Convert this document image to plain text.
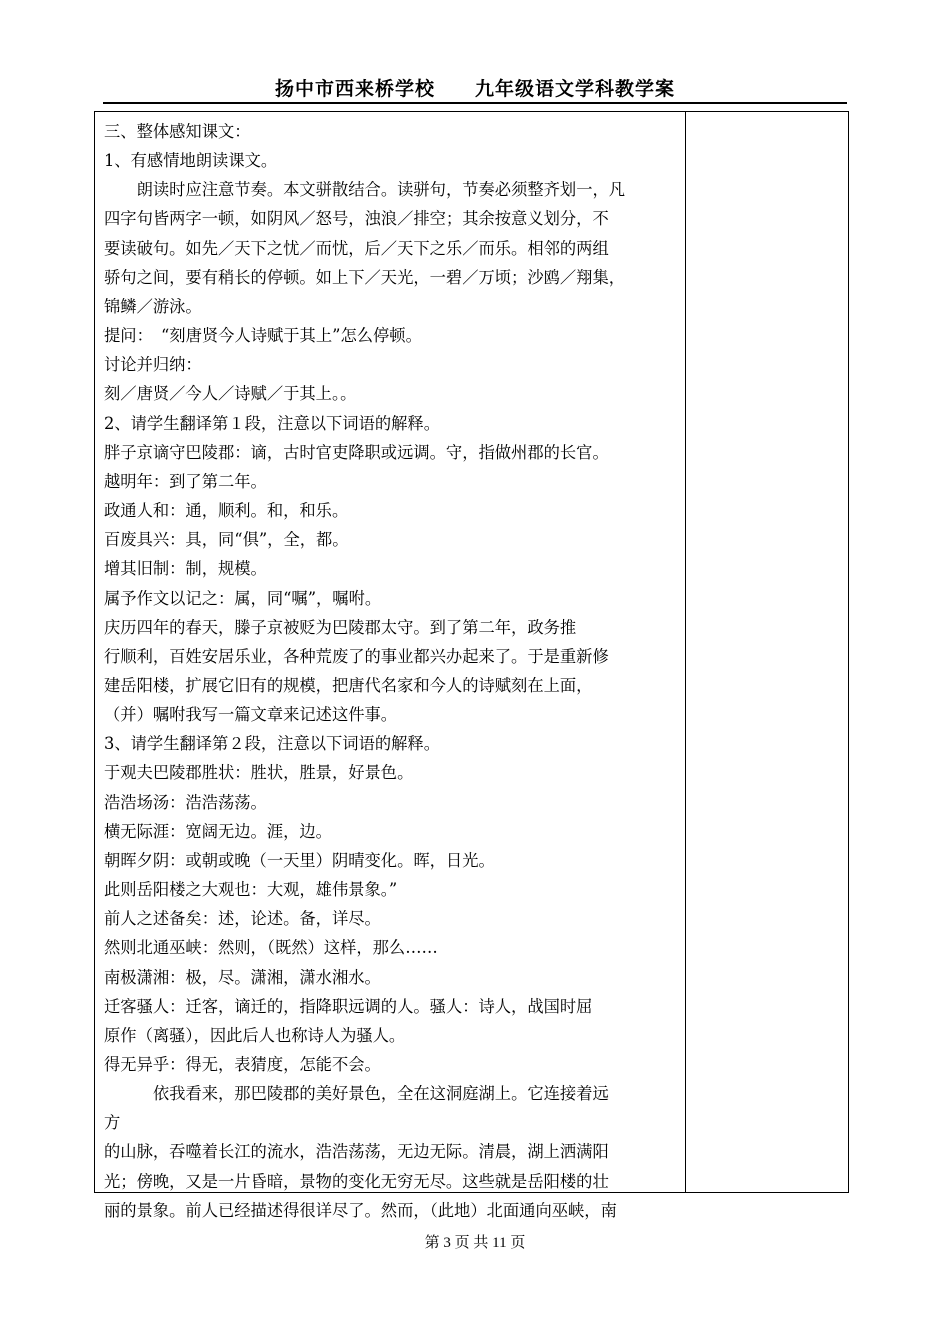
扬中市西来桥学校 九年级语文学科教学案

三、整体感知课文：

1、有感情地朗读课文。

朗读时应注意节奏。本文骈散结合。读骈句，节奏必须整齐划一，凡

四字句皆两字一顿，如阴风／怒号，浊浪／排空；其余按意义划分，不

要读破句。如先／天下之忧／而忧，后／天下之乐／而乐。相邻的两组

骄句之间，要有稍长的停顿。如上下／天光，一碧／万顷；沙鸥／翔集，

锦鳞／游泳。

提问：　“刻唐贤今人诗赋于其上”怎么停顿。

讨论并归纳：

刻／唐贤／今人／诗赋／于其上。。

2、请学生翻译第１段，注意以下词语的解释。

胖子京谪守巴陵郡：谪，古时官吏降职或远调。守，指做州郡的长官。

越明年：到了第二年。

政通人和：通，顺利。和，和乐。

百废具兴：具，同“俱”，全，都。

增其旧制：制，规模。

属予作文以记之：属，同“嘱”，嘱咐。

庆历四年的春天，滕子京被贬为巴陵郡太守。到了第二年，政务推

行顺利，百姓安居乐业，各种荒废了的事业都兴办起来了。于是重新修

建岳阳楼，扩展它旧有的规模，把唐代名家和今人的诗赋刻在上面，

（并）嘱咐我写一篇文章来记述这件事。

3、请学生翻译第２段，注意以下词语的解释。

于观夫巴陵郡胜状：胜状，胜景，好景色。

浩浩场汤：浩浩荡荡。

横无际涯：宽阔无边。涯，边。

朝晖夕阴：或朝或晚（一天里）阴晴变化。晖，日光。

此则岳阳楼之大观也：大观，雄伟景象。”

前人之述备矣：述，论述。备，详尽。

然则北通巫峡：然则，（既然）这样，那么……

南极潇湘：极，尽。潇湘，潇水湘水。

迁客骚人：迁客，谪迁的，指降职远调的人。骚人：诗人，战国时屈

原作（离骚），因此后人也称诗人为骚人。

得无异乎：得无，表猜度，怎能不会。

依我看来，那巴陵郡的美好景色，全在这洞庭湖上。它连接着远

方

的山脉，吞噬着长江的流水，浩浩荡荡，无边无际。清晨，湖上洒满阳

光；傍晚，又是一片昏暗，景物的变化无穷无尽。这些就是岳阳楼的壮

丽的景象。前人已经描述得很详尽了。然而，（此地）北面通向巫峡，南

第 3 页 共 11 页
